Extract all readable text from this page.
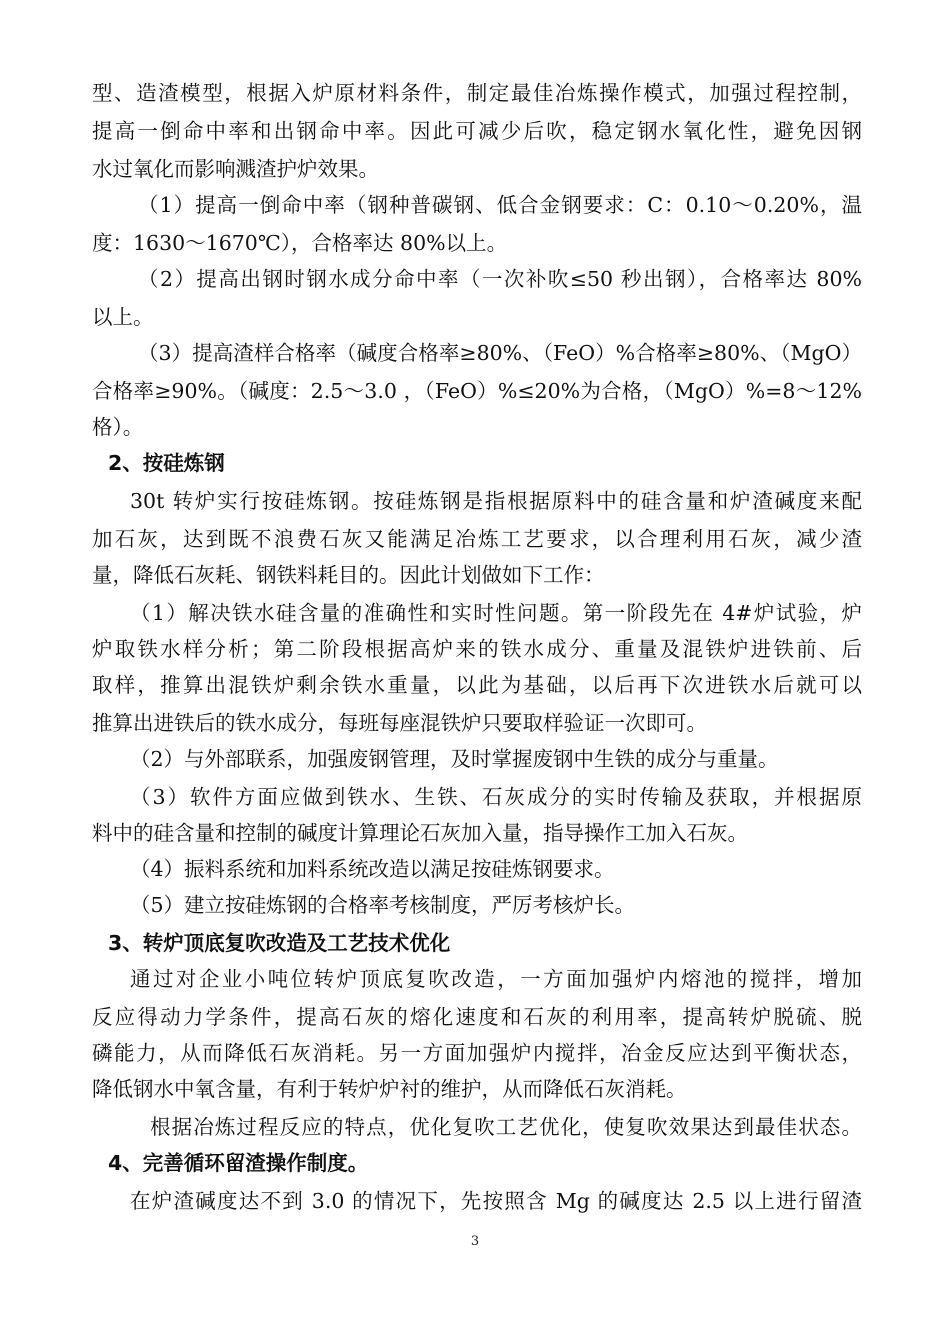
型、造渣模型，根据入炉原材料条件，制定最佳冶炼操作模式，加强过程控制，
提高一倒命中率和出钢命中率。因此可减少后吹，稳定钢水氧化性，避免因钢
水过氧化而影响溅渣护炉效果。
（1）提高一倒命中率（钢种普碳钢、低合金钢要求：C：0.10～0.20%，温
度：1630～1670℃），合格率达 80%以上。
（2）提高出钢时钢水成分命中率（一次补吹≤50 秒出钢），合格率达 80%
以上。
（3）提高渣样合格率（碱度合格率≥80%、（FeO）%合格率≥80%、（MgO）
合格率≥90%。（碱度：2.5～3.0 ，（FeO）%≤20%为合格，（MgO）%=8～12%
格）。
2、按硅炼钢
30t 转炉实行按硅炼钢。按硅炼钢是指根据原料中的硅含量和炉渣碱度来配
加石灰，达到既不浪费石灰又能满足冶炼工艺要求，以合理利用石灰，减少渣
量，降低石灰耗、钢铁料耗目的。因此计划做如下工作：
（1）解决铁水硅含量的准确性和实时性问题。第一阶段先在 4#炉试验，炉
炉取铁水样分析；第二阶段根据高炉来的铁水成分、重量及混铁炉进铁前、后
取样，推算出混铁炉剩余铁水重量，以此为基础，以后再下次进铁水后就可以
推算出进铁后的铁水成分，每班每座混铁炉只要取样验证一次即可。
（2）与外部联系，加强废钢管理，及时掌握废钢中生铁的成分与重量。
（3）软件方面应做到铁水、生铁、石灰成分的实时传输及获取，并根据原
料中的硅含量和控制的碱度计算理论石灰加入量，指导操作工加入石灰。
（4）振料系统和加料系统改造以满足按硅炼钢要求。
（5）建立按硅炼钢的合格率考核制度，严厉考核炉长。
3、转炉顶底复吹改造及工艺技术优化
通过对企业小吨位转炉顶底复吹改造，一方面加强炉内熔池的搅拌，增加
反应得动力学条件，提高石灰的熔化速度和石灰的利用率，提高转炉脱硫、脱
磷能力，从而降低石灰消耗。另一方面加强炉内搅拌，冶金反应达到平衡状态，
降低钢水中氧含量，有利于转炉炉衬的维护，从而降低石灰消耗。
根据冶炼过程反应的特点，优化复吹工艺优化，使复吹效果达到最佳状态。
4、完善循环留渣操作制度。
在炉渣碱度达不到 3.0 的情况下，先按照含 Mg 的碱度达 2.5 以上进行留渣
3
